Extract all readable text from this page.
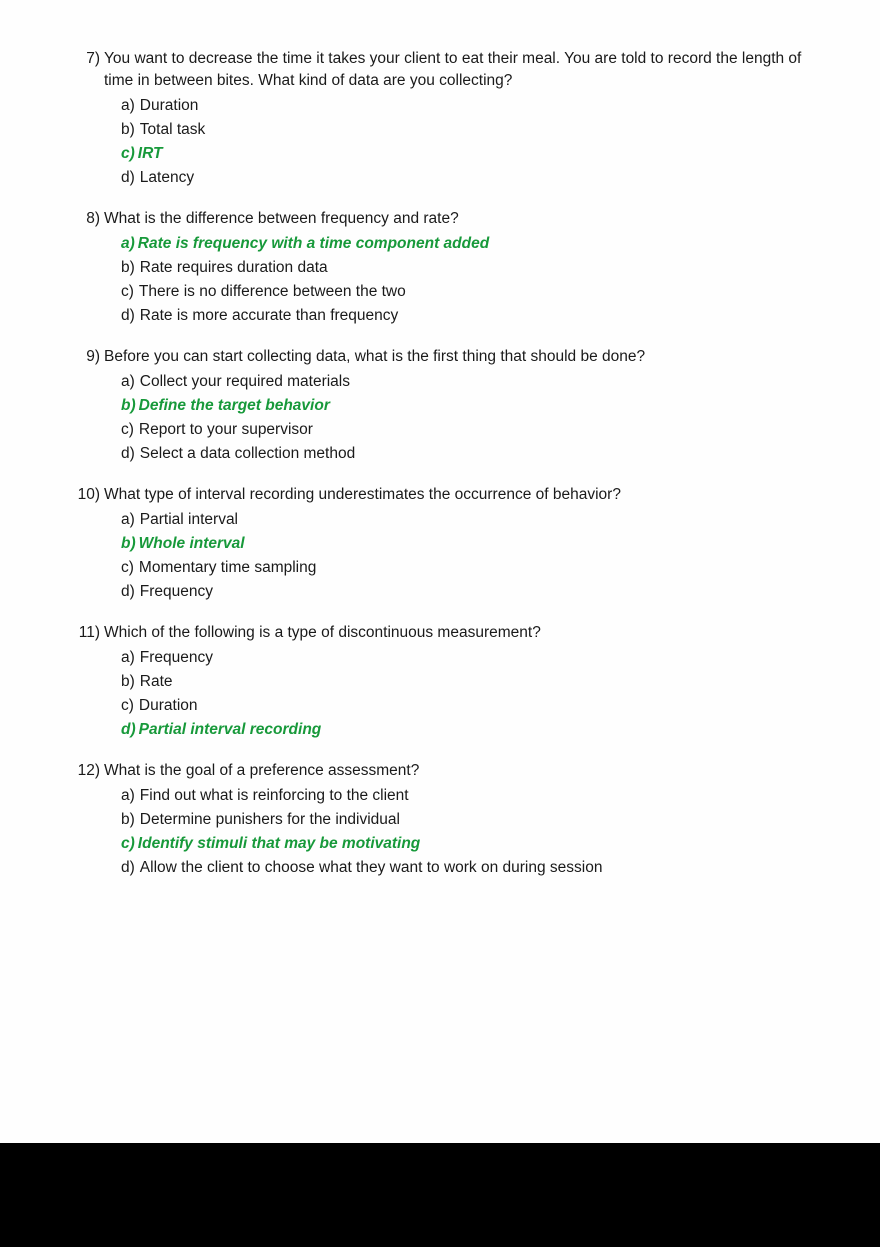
7) You want to decrease the time it takes your client to eat their meal. You are told to record the length of time in between bites. What kind of data are you collecting?
a) Duration
b) Total task
c) IRT
d) Latency
8) What is the difference between frequency and rate?
a) Rate is frequency with a time component added
b) Rate requires duration data
c) There is no difference between the two
d) Rate is more accurate than frequency
9) Before you can start collecting data, what is the first thing that should be done?
a) Collect your required materials
b) Define the target behavior
c) Report to your supervisor
d) Select a data collection method
10) What type of interval recording underestimates the occurrence of behavior?
a) Partial interval
b) Whole interval
c) Momentary time sampling
d) Frequency
11) Which of the following is a type of discontinuous measurement?
a) Frequency
b) Rate
c) Duration
d) Partial interval recording
12) What is the goal of a preference assessment?
a) Find out what is reinforcing to the client
b) Determine punishers for the individual
c) Identify stimuli that may be motivating
d) Allow the client to choose what they want to work on during session
